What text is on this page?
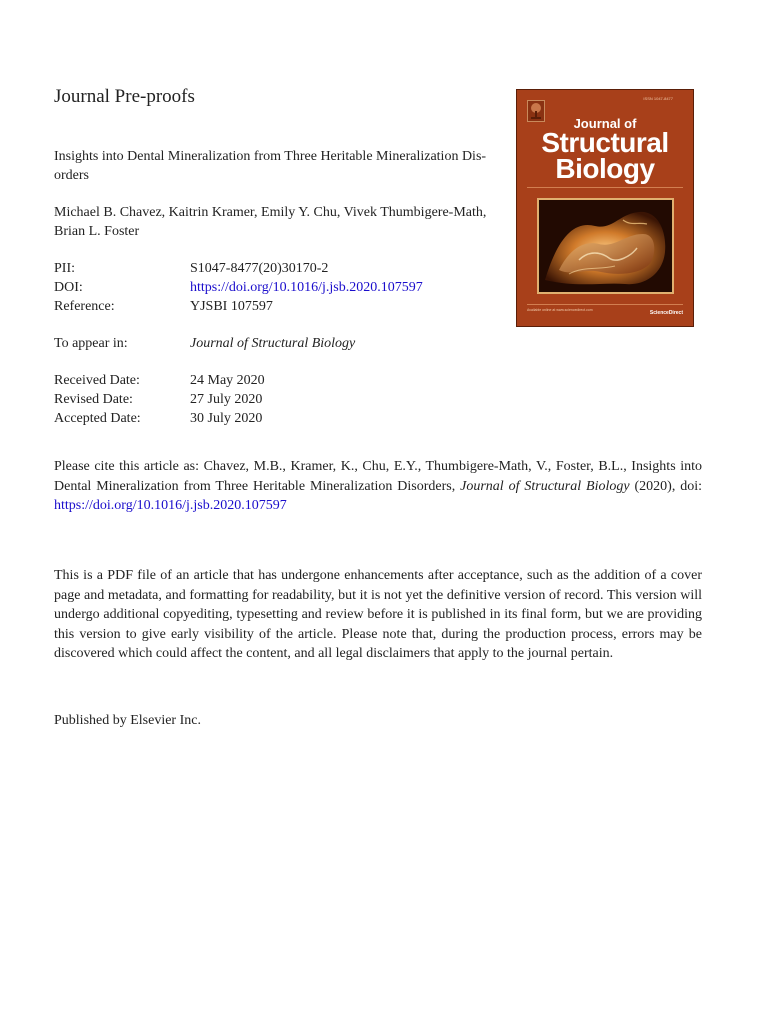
Journal Pre-proofs
Insights into Dental Mineralization from Three Heritable Mineralization Dis-orders
Michael B. Chavez, Kaitrin Kramer, Emily Y. Chu, Vivek Thumbigere-Math, Brian L. Foster
PII:	S1047-8477(20)30170-2
DOI:	https://doi.org/10.1016/j.jsb.2020.107597
Reference:	YJSBI 107597
To appear in:	Journal of Structural Biology
Received Date:	24 May 2020
Revised Date:	27 July 2020
Accepted Date:	30 July 2020
Please cite this article as: Chavez, M.B., Kramer, K., Chu, E.Y., Thumbigere-Math, V., Foster, B.L., Insights into Dental Mineralization from Three Heritable Mineralization Disorders, Journal of Structural Biology (2020), doi: https://doi.org/10.1016/j.jsb.2020.107597
This is a PDF file of an article that has undergone enhancements after acceptance, such as the addition of a cover page and metadata, and formatting for readability, but it is not yet the definitive version of record. This version will undergo additional copyediting, typesetting and review before it is published in its final form, but we are providing this version to give early visibility of the article. Please note that, during the production process, errors may be discovered which could affect the content, and all legal disclaimers that apply to the journal pertain.
Published by Elsevier Inc.
ISSN 1047-8477
Journal of
Structural
Biology
Available online at www.sciencedirect.com	ScienceDirect
